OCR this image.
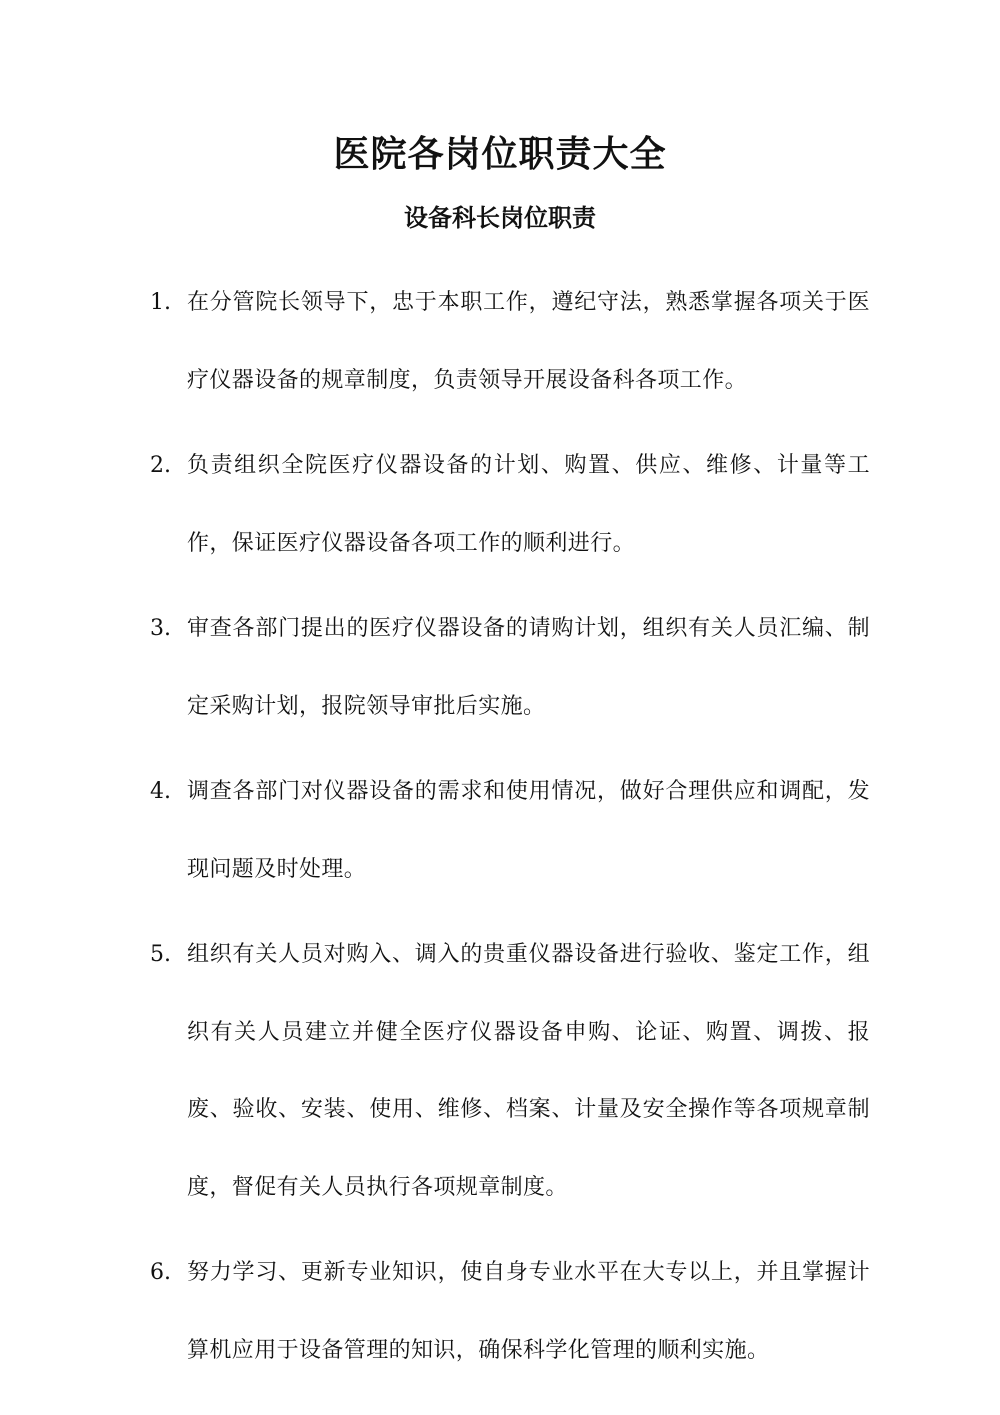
医院各岗位职责大全
设备科长岗位职责
1. 在分管院长领导下，忠于本职工作，遵纪守法，熟悉掌握各项关于医疗仪器设备的规章制度，负责领导开展设备科各项工作。
2. 负责组织全院医疗仪器设备的计划、购置、供应、维修、计量等工作，保证医疗仪器设备各项工作的顺利进行。
3. 审查各部门提出的医疗仪器设备的请购计划，组织有关人员汇编、制定采购计划，报院领导审批后实施。
4. 调查各部门对仪器设备的需求和使用情况，做好合理供应和调配，发现问题及时处理。
5. 组织有关人员对购入、调入的贵重仪器设备进行验收、鉴定工作，组织有关人员建立并健全医疗仪器设备申购、论证、购置、调拨、报废、验收、安装、使用、维修、档案、计量及安全操作等各项规章制度，督促有关人员执行各项规章制度。
6. 努力学习、更新专业知识，使自身专业水平在大专以上，并且掌握计算机应用于设备管理的知识，确保科学化管理的顺利实施。
